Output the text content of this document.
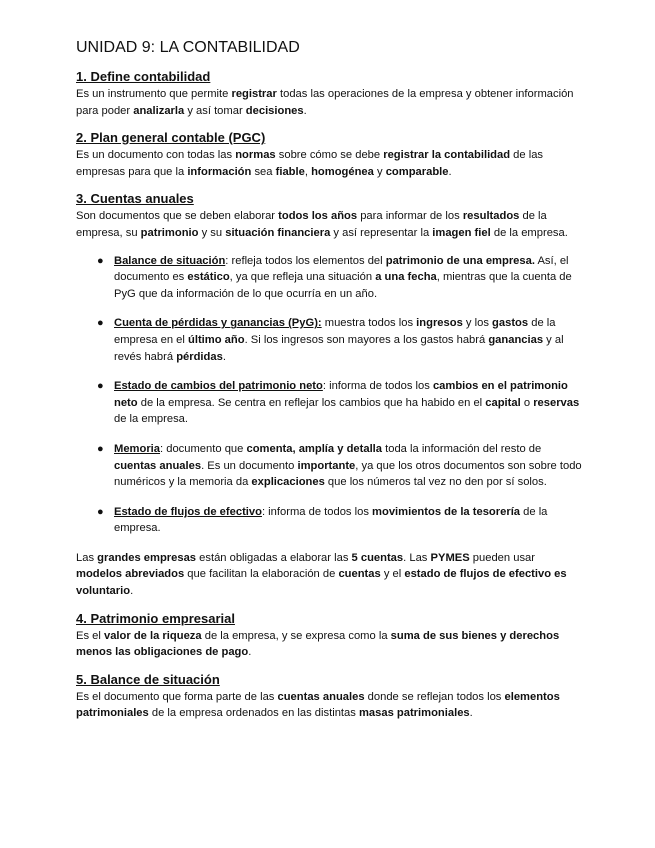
UNIDAD 9: LA CONTABILIDAD
1. Define contabilidad

Es un instrumento que permite registrar todas las operaciones de la empresa y obtener información para poder analizarla y así tomar decisiones.

2. Plan general contable (PGC)

Es un documento con todas las normas sobre cómo se debe registrar la contabilidad de las empresas para que la información sea fiable, homogénea y comparable.

3. Cuentas anuales

Son documentos que se deben elaborar todos los años para informar de los resultados de la empresa, su patrimonio y su situación financiera y así representar la imagen fiel de la empresa.

● Balance de situación: refleja todos los elementos del patrimonio de una empresa. Así, el documento es estático, ya que refleja una situación a una fecha, mientras que la cuenta de PyG que da información de lo que ocurría en un año.
● Cuenta de pérdidas y ganancias (PyG): muestra todos los ingresos y los gastos de la empresa en el último año. Si los ingresos son mayores a los gastos habrá ganancias y al revés habrá pérdidas.
● Estado de cambios del patrimonio neto: informa de todos los cambios en el patrimonio neto de la empresa. Se centra en reflejar los cambios que ha habido en el capital o reservas de la empresa.
● Memoria: documento que comenta, amplía y detalla toda la información del resto de cuentas anuales. Es un documento importante, ya que los otros documentos son sobre todo numéricos y la memoria da explicaciones que los números tal vez no den por sí solos.
● Estado de flujos de efectivo: informa de todos los movimientos de la tesorería de la empresa.

Las grandes empresas están obligadas a elaborar las 5 cuentas. Las PYMES pueden usar modelos abreviados que facilitan la elaboración de cuentas y el estado de flujos de efectivo es voluntario.

4. Patrimonio empresarial

Es el valor de la riqueza de la empresa, y se expresa como la suma de sus bienes y derechos menos las obligaciones de pago.

5. Balance de situación

Es el documento que forma parte de las cuentas anuales donde se reflejan todos los elementos patrimoniales de la empresa ordenados en las distintas masas patrimoniales.
